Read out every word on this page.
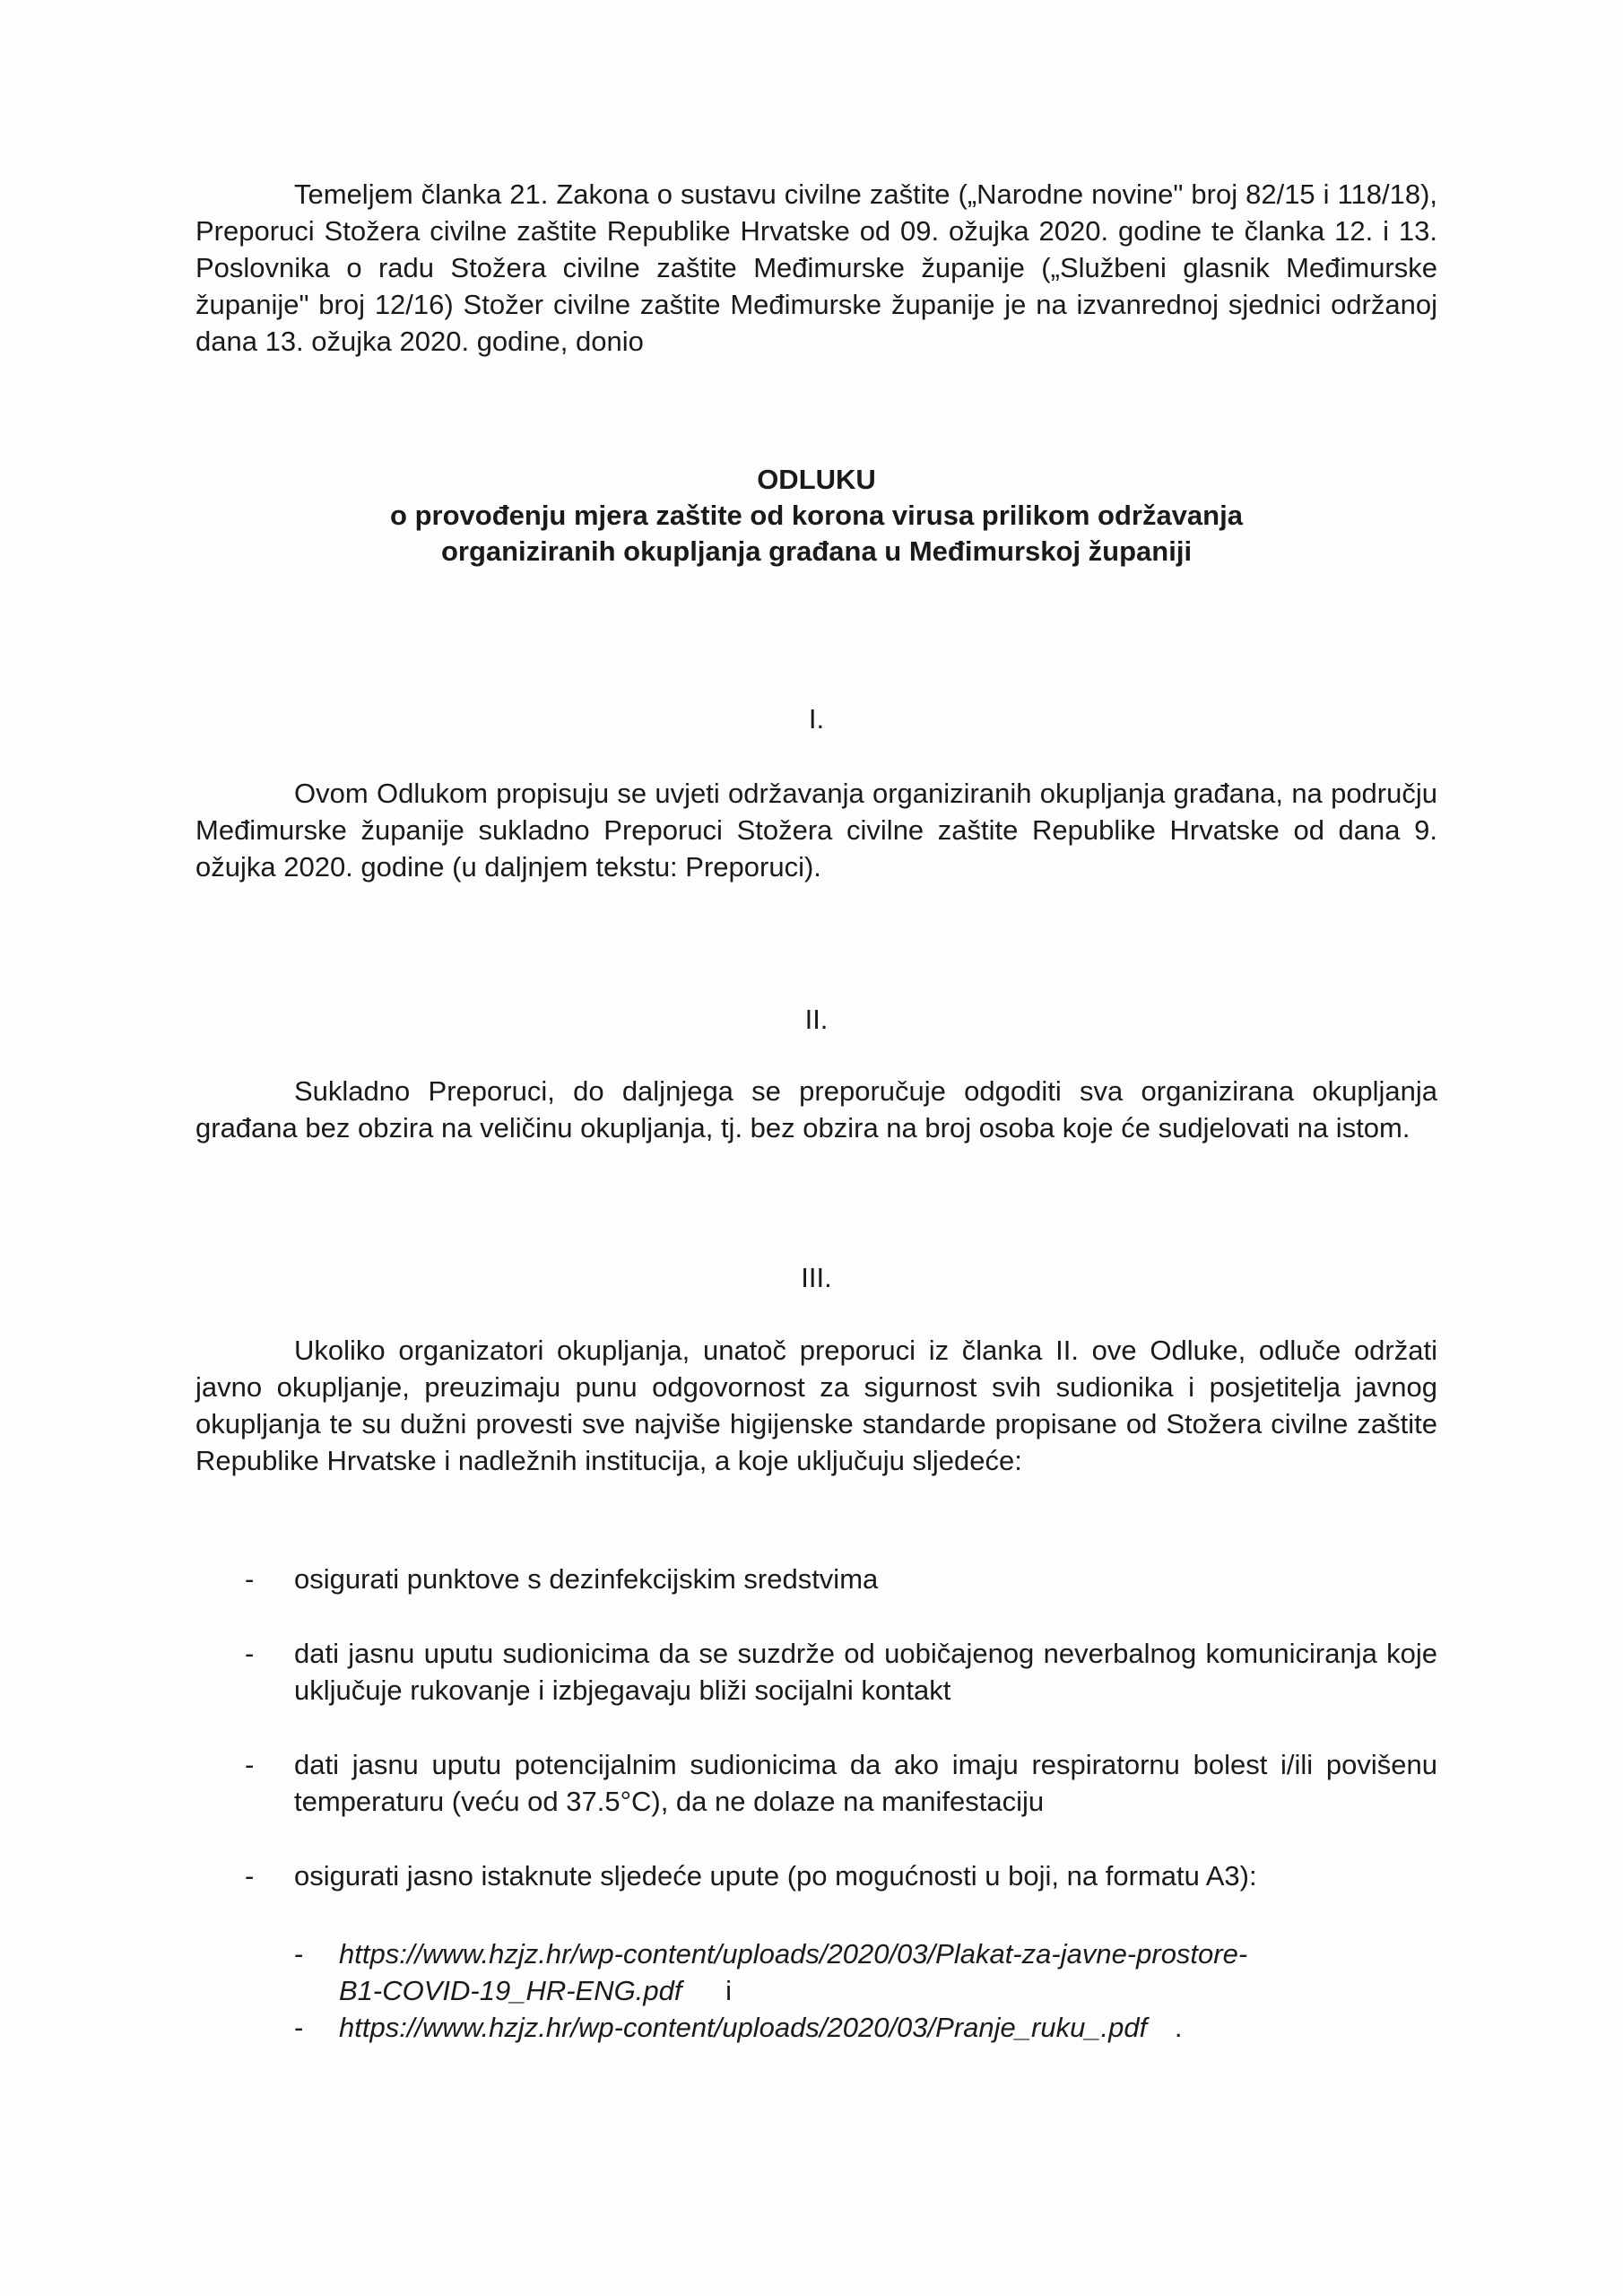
Temeljem članka 21. Zakona o sustavu civilne zaštite („Narodne novine" broj 82/15 i 118/18), Preporuci Stožera civilne zaštite Republike Hrvatske od 09. ožujka 2020. godine te članka 12. i 13. Poslovnika o radu Stožera civilne zaštite Međimurske županije („Službeni glasnik Međimurske županije" broj 12/16) Stožer civilne zaštite Međimurske županije je na izvanrednoj sjednici održanoj dana 13. ožujka 2020. godine, donio

ODLUKU
o provođenju mjera zaštite od korona virusa prilikom održavanja
organiziranih okupljanja građana u Međimurskoj županiji
I.

Ovom Odlukom propisuju se uvjeti održavanja organiziranih okupljanja građana, na području Međimurske županije sukladno Preporuci Stožera civilne zaštite Republike Hrvatske od dana 9. ožujka 2020. godine (u daljnjem tekstu: Preporuci).

II.

Sukladno Preporuci, do daljnjega se preporučuje odgoditi sva organizirana okupljanja građana bez obzira na veličinu okupljanja, tj. bez obzira na broj osoba koje će sudjelovati na istom.

III.

Ukoliko organizatori okupljanja, unatoč preporuci iz članka II. ove Odluke, odluče održati javno okupljanje, preuzimaju punu odgovornost za sigurnost svih sudionika i posjetitelja javnog okupljanja te su dužni provesti sve najviše higijenske standarde propisane od Stožera civilne zaštite Republike Hrvatske i nadležnih institucija, a koje uključuju sljedeće:

- osigurati punktove s dezinfekcijskim sredstvima
- dati jasnu uputu sudionicima da se suzdrže od uobičajenog neverbalnog komuniciranja koje uključuje rukovanje i izbjegavaju bliži socijalni kontakt
- dati jasnu uputu potencijalnim sudionicima da ako imaju respiratornu bolest i/ili povišenu temperaturu (veću od 37.5°C), da ne dolaze na manifestaciju
- osigurati jasno istaknute sljedeće upute (po mogućnosti u boji, na formatu A3):
- https://www.hzjz.hr/wp-content/uploads/2020/03/Plakat-za-javne-prostore-
B1-COVID-19_HR-ENG.pdf i
- https://www.hzjz.hr/wp-content/uploads/2020/03/Pranje_ruku_.pdf .
